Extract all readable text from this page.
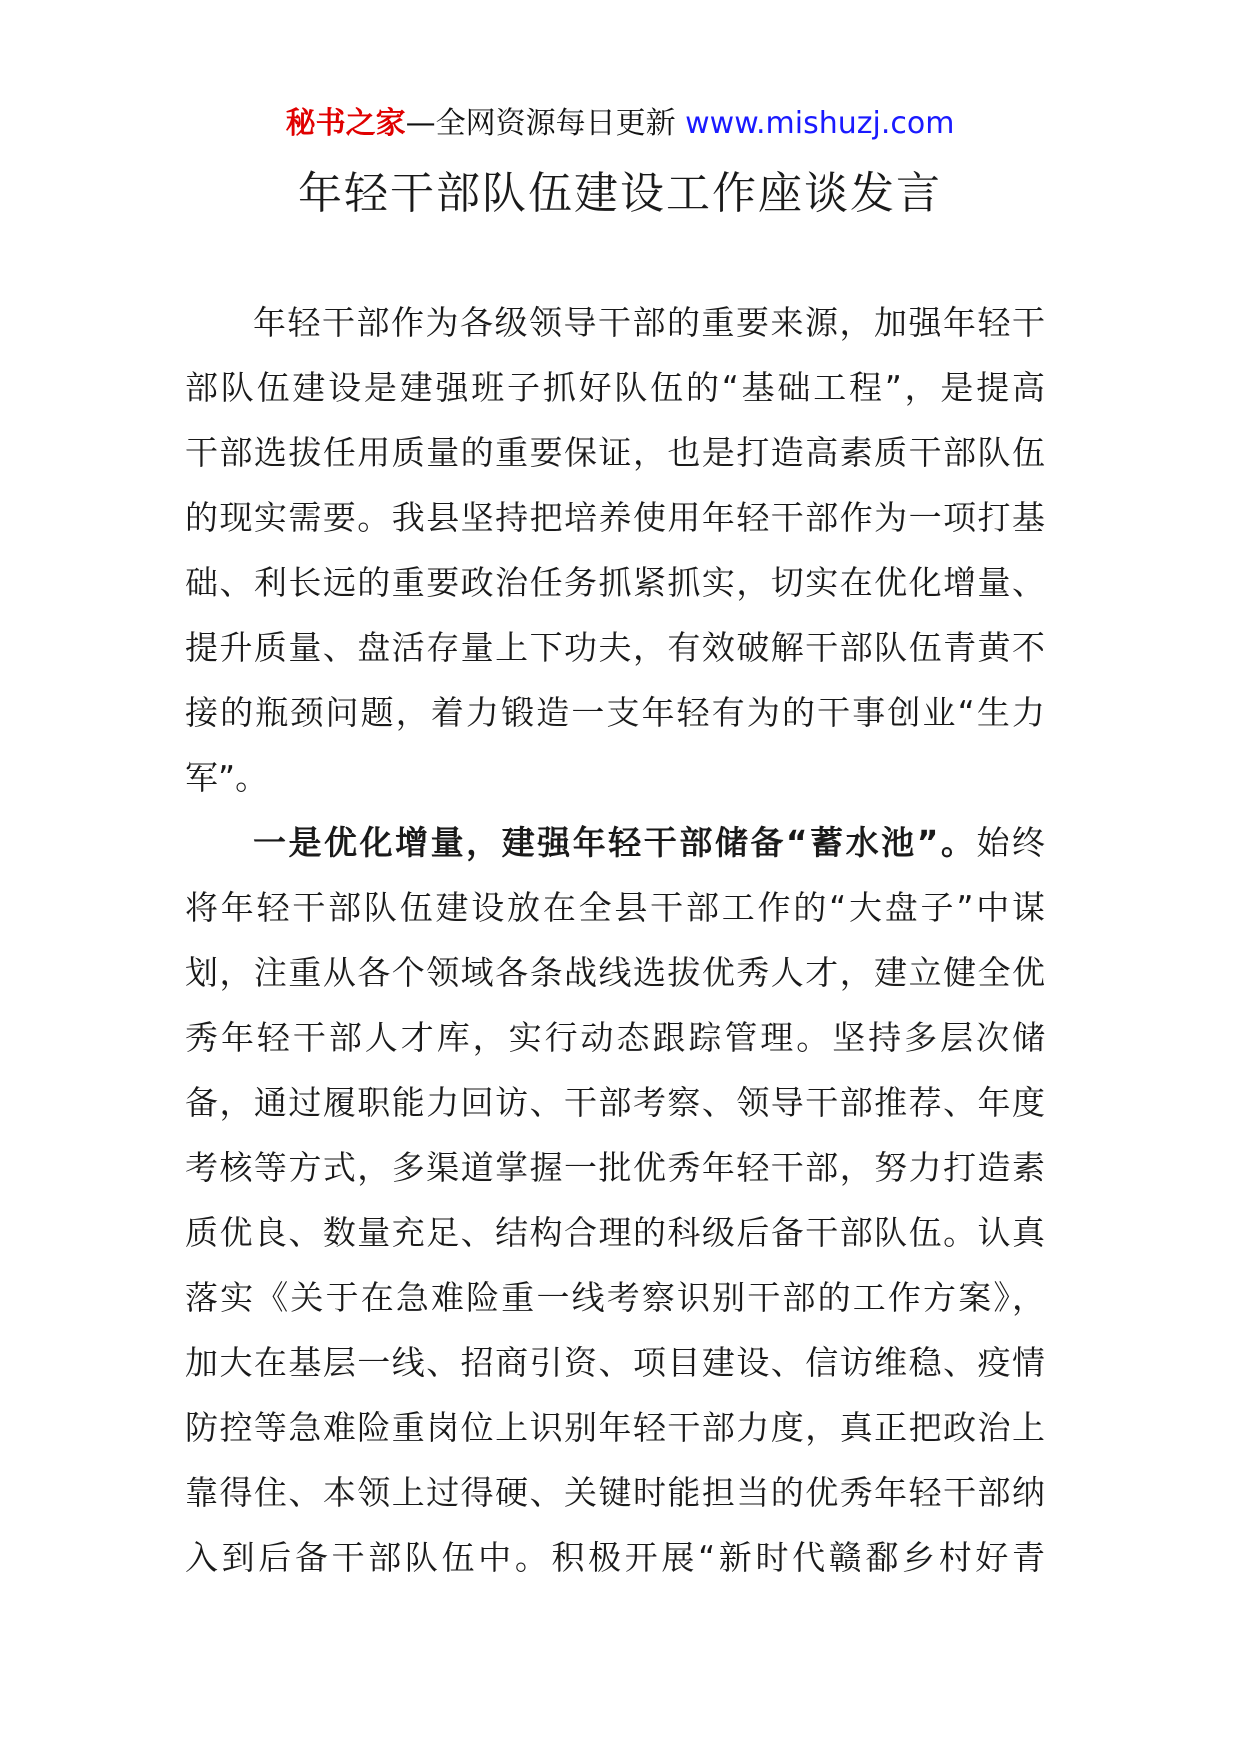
秘书之家—全网资源每日更新 www.mishuzj.com
年轻干部队伍建设工作座谈发言
年轻干部作为各级领导干部的重要来源，加强年轻干
部队伍建设是建强班子抓好队伍的“基础工程”，是提高
干部选拔任用质量的重要保证，也是打造高素质干部队伍
的现实需要。我县坚持把培养使用年轻干部作为一项打基
础、利长远的重要政治任务抓紧抓实，切实在优化增量、
提升质量、盘活存量上下功夫，有效破解干部队伍青黄不
接的瓶颈问题，着力锻造一支年轻有为的干事创业“生力
军”。
一是优化增量，建强年轻干部储备“蓄水池”。始终
将年轻干部队伍建设放在全县干部工作的“大盘子”中谋
划，注重从各个领域各条战线选拔优秀人才，建立健全优
秀年轻干部人才库，实行动态跟踪管理。坚持多层次储
备，通过履职能力回访、干部考察、领导干部推荐、年度
考核等方式，多渠道掌握一批优秀年轻干部，努力打造素
质优良、数量充足、结构合理的科级后备干部队伍。认真
落实《关于在急难险重一线考察识别干部的工作方案》，
加大在基层一线、招商引资、项目建设、信访维稳、疫情
防控等急难险重岗位上识别年轻干部力度，真正把政治上
靠得住、本领上过得硬、关键时能担当的优秀年轻干部纳
入到后备干部队伍中。积极开展“新时代赣鄱乡村好青
